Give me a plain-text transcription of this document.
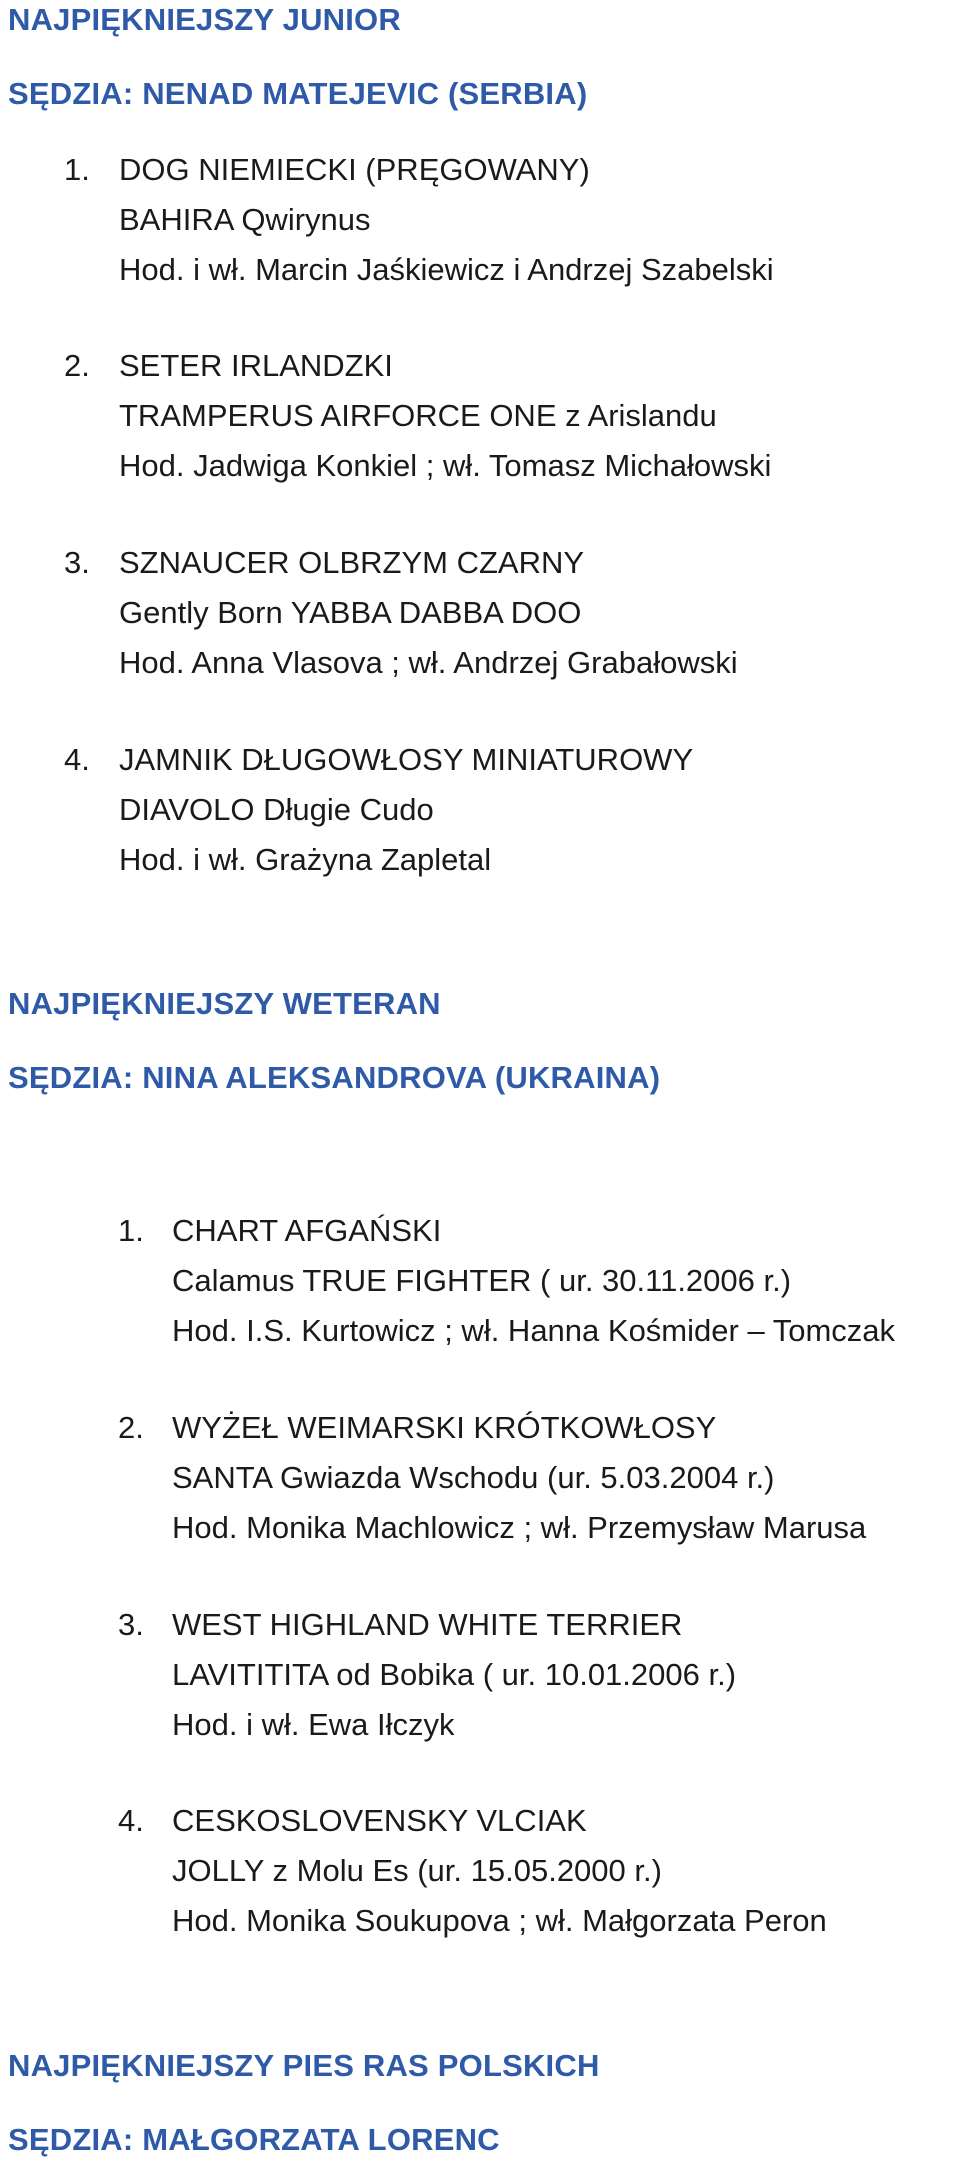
NAJPIĘKNIEJSZY JUNIOR
SĘDZIA: NENAD MATEJEVIC (SERBIA)
1. DOG NIEMIECKI (PRĘGOWANY)
BAHIRA Qwirynus
Hod. i wł. Marcin Jaśkiewicz i Andrzej Szabelski
2. SETER IRLANDZKI
TRAMPERUS AIRFORCE ONE z Arislandu
Hod. Jadwiga Konkiel ; wł. Tomasz Michałowski
3. SZNAUCER OLBRZYM CZARNY
Gently Born YABBA DABBA DOO
Hod. Anna Vlasova ; wł. Andrzej Grabałowski
4. JAMNIK DŁUGOWŁOSY MINIATUROWY
DIAVOLO Długie Cudo
Hod. i wł. Grażyna Zapletal
NAJPIĘKNIEJSZY WETERAN
SĘDZIA: NINA ALEKSANDROVA (UKRAINA)
1. CHART AFGAŃSKI
Calamus TRUE FIGHTER ( ur. 30.11.2006 r.)
Hod. I.S. Kurtowicz ; wł. Hanna Kośmider – Tomczak
2. WYŻEŁ WEIMARSKI KRÓTKOWŁOSY
SANTA Gwiazda Wschodu (ur. 5.03.2004 r.)
Hod. Monika Machlowicz ; wł. Przemysław Marusa
3. WEST HIGHLAND WHITE TERRIER
LAVITITITA od Bobika ( ur. 10.01.2006 r.)
Hod. i wł. Ewa Iłczyk
4. CESKOSLOVENSKY VLCIAK
JOLLY z Molu Es (ur. 15.05.2000 r.)
Hod. Monika Soukupova ; wł. Małgorzata Peron
NAJPIĘKNIEJSZY PIES RAS POLSKICH
SĘDZIA: MAŁGORZATA LORENC
